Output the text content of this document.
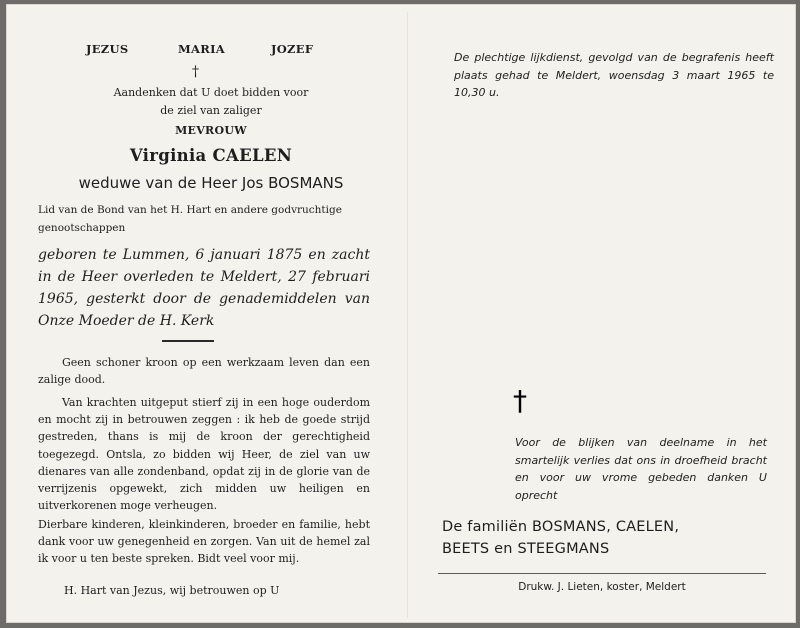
JEZUS	MARIA	JOZEF
†
Aandenken dat U doet bidden voor
de ziel van zaliger
MEVROUW
Virginia CAELEN
weduwe van de Heer Jos BOSMANS
Lid van de Bond van het H. Hart en andere godvruchtige genootschappen
geboren te Lummen, 6 januari 1875 en zacht in de Heer overleden te Meldert, 27 februari 1965, gesterkt door de genademiddelen van Onze Moeder de H. Kerk

Geen schoner kroon op een werkzaam leven dan een zalige dood.

Van krachten uitgeput stierf zij in een hoge ouderdom en mocht zij in betrouwen zeggen : ik heb de goede strijd gestreden, thans is mij de kroon der gerechtigheid toegezegd. Ontsla, zo bidden wij Heer, de ziel van uw dienares van alle zondenband, opdat zij in de glorie van de verrijzenis opgewekt, zich midden uw heiligen en uitverkorenen moge verheugen.

Dierbare kinderen, kleinkinderen, broeder en familie, hebt dank voor uw genegenheid en zorgen. Van uit de hemel zal ik voor u ten beste spreken. Bidt veel voor mij.

H. Hart van Jezus, wij betrouwen op U
De plechtige lijkdienst, gevolgd van de begrafenis heeft plaats gehad te Meldert, woensdag 3 maart 1965 te 10,30 u.
†
Voor de blijken van deelname in het smartelijk verlies dat ons in droefheid bracht en voor uw vrome gebeden danken U oprecht
De familiën BOSMANS, CAELEN,
BEETS en STEEGMANS
Drukw. J. Lieten, koster, Meldert
